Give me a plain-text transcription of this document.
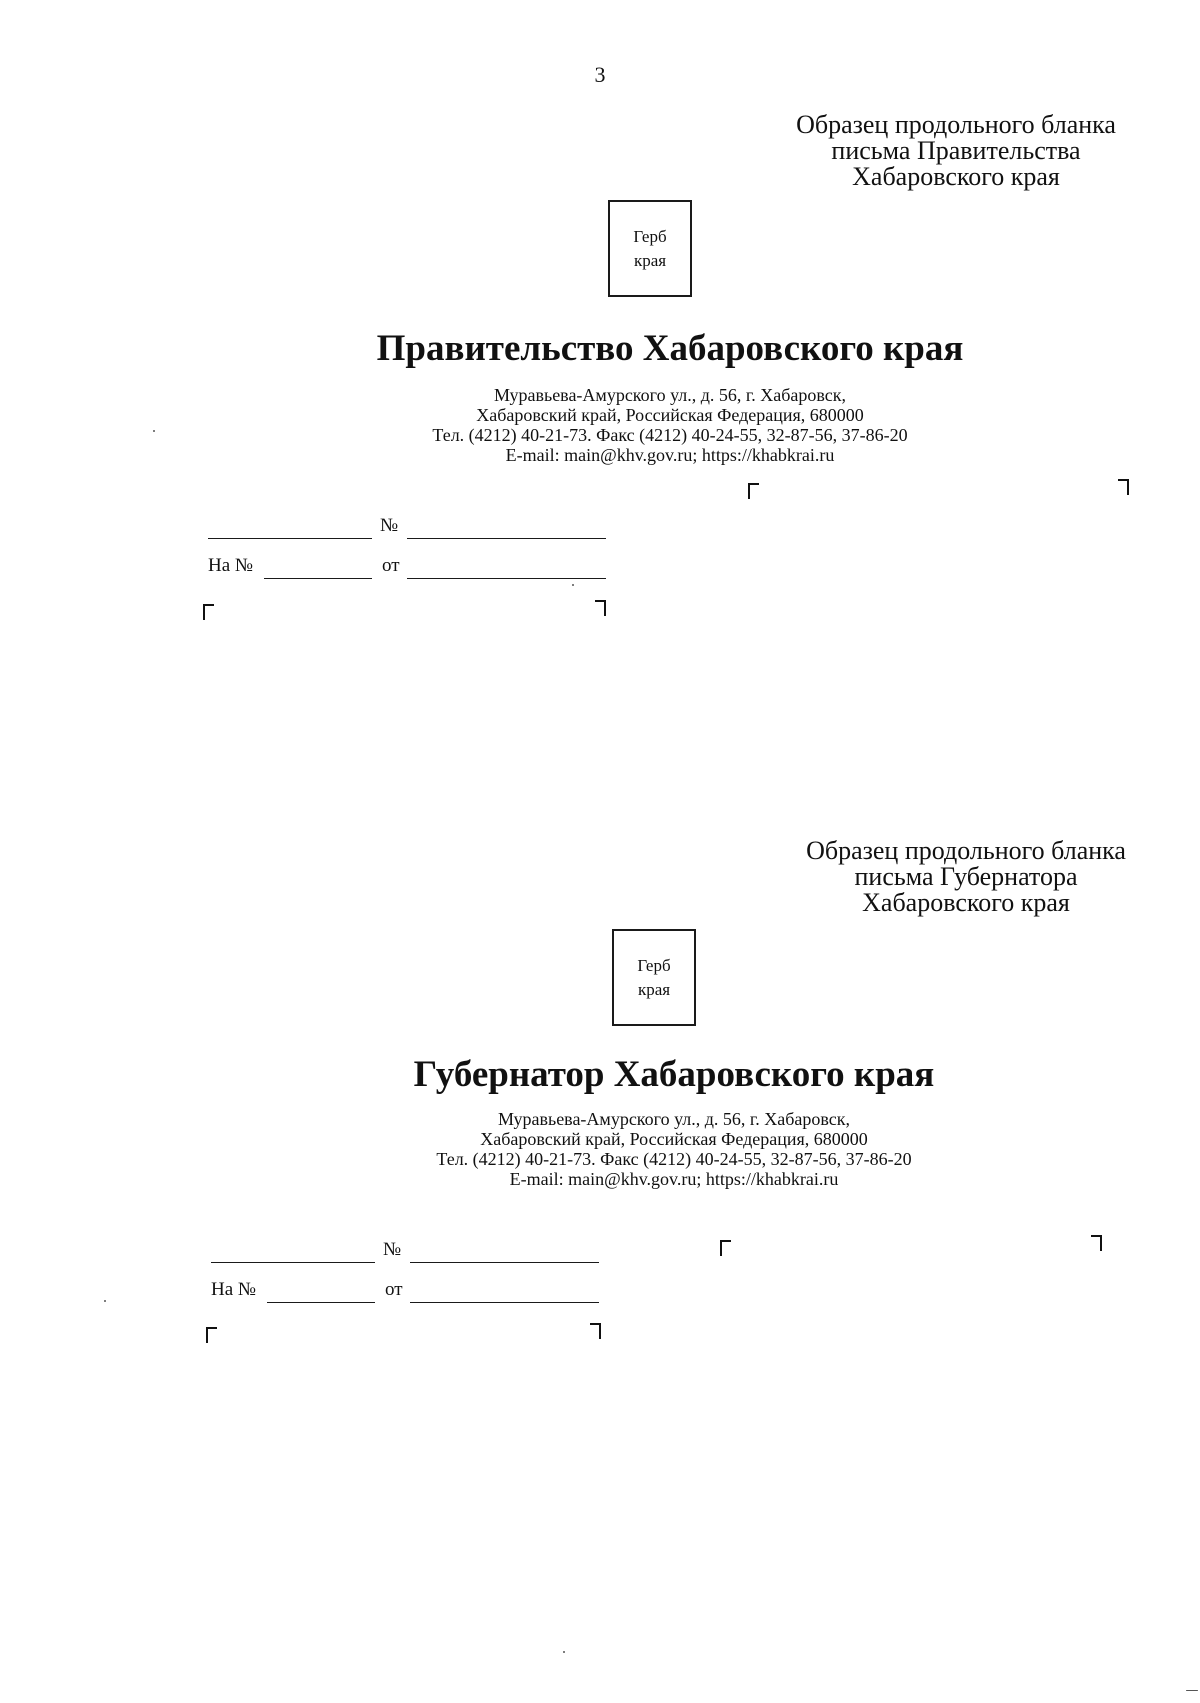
3
Образец продольного бланка
письма Правительства
Хабаровского края
Герб
края
Правительство Хабаровского края
Муравьева-Амурского ул., д. 56, г. Хабаровск,
Хабаровский край, Российская Федерация, 680000
Тел. (4212) 40-21-73. Факс (4212) 40-24-55, 32-87-56, 37-86-20
E-mail: main@khv.gov.ru; https://khabkrai.ru
№
На №	от
Образец продольного бланка
письма Губернатора
Хабаровского края
Герб
края
Губернатор Хабаровского края
Муравьева-Амурского ул., д. 56, г. Хабаровск,
Хабаровский край, Российская Федерация, 680000
Тел. (4212) 40-21-73. Факс (4212) 40-24-55, 32-87-56, 37-86-20
E-mail: main@khv.gov.ru; https://khabkrai.ru
№
На №	от
